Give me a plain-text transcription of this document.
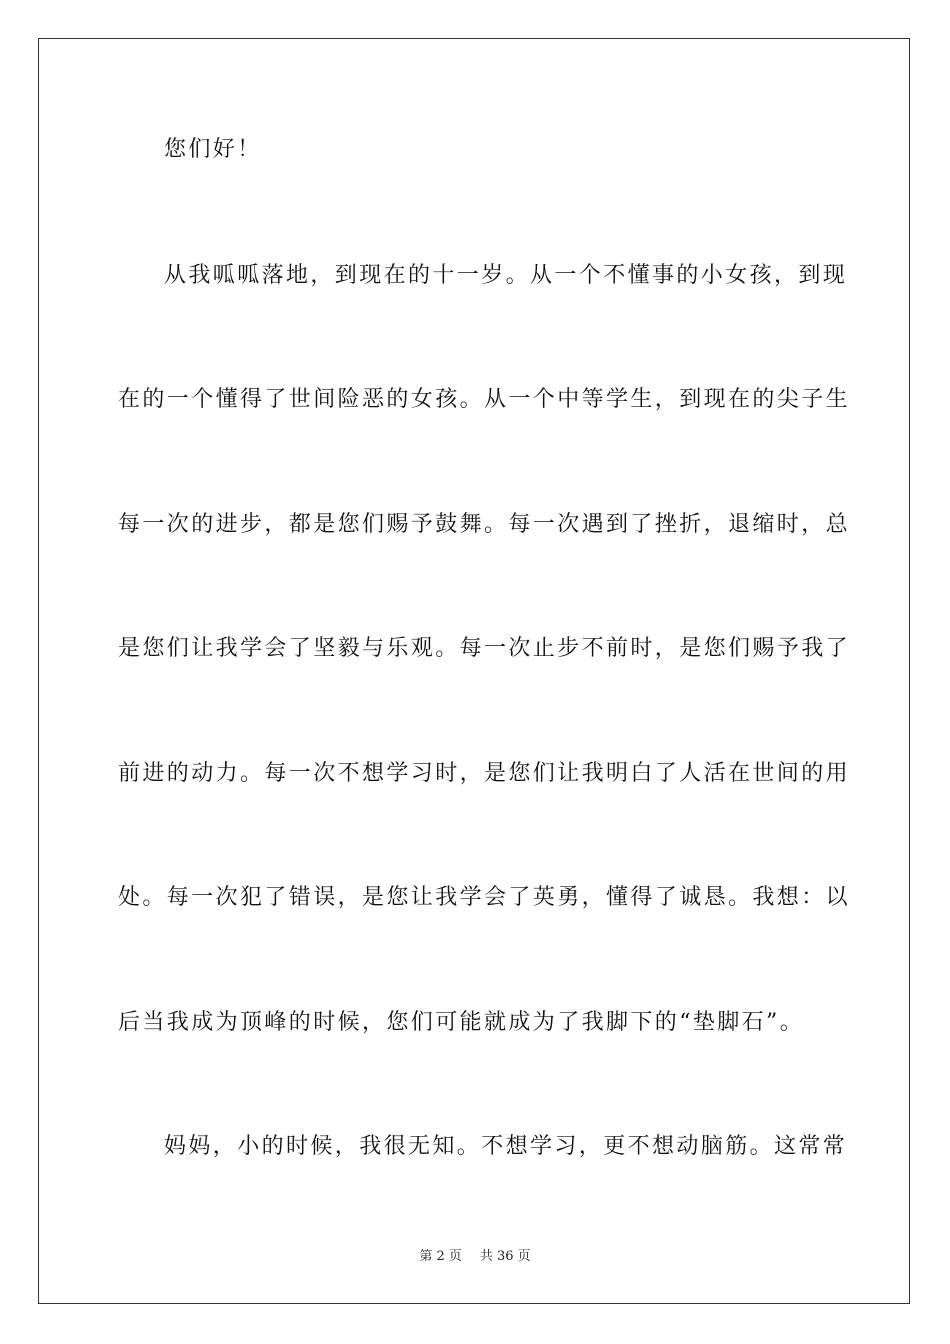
您们好！
从我呱呱落地，到现在的十一岁。从一个不懂事的小女孩，到现
在的一个懂得了世间险恶的女孩。从一个中等学生，到现在的尖子生
每一次的进步，都是您们赐予鼓舞。每一次遇到了挫折，退缩时，总
是您们让我学会了坚毅与乐观。每一次止步不前时，是您们赐予我了
前进的动力。每一次不想学习时，是您们让我明白了人活在世间的用
处。每一次犯了错误，是您让我学会了英勇，懂得了诚恳。我想：以
后当我成为顶峰的时候，您们可能就成为了我脚下的“垫脚石”。
妈妈，小的时候，我很无知。不想学习，更不想动脑筋。这常常
第 2 页 共 36 页
